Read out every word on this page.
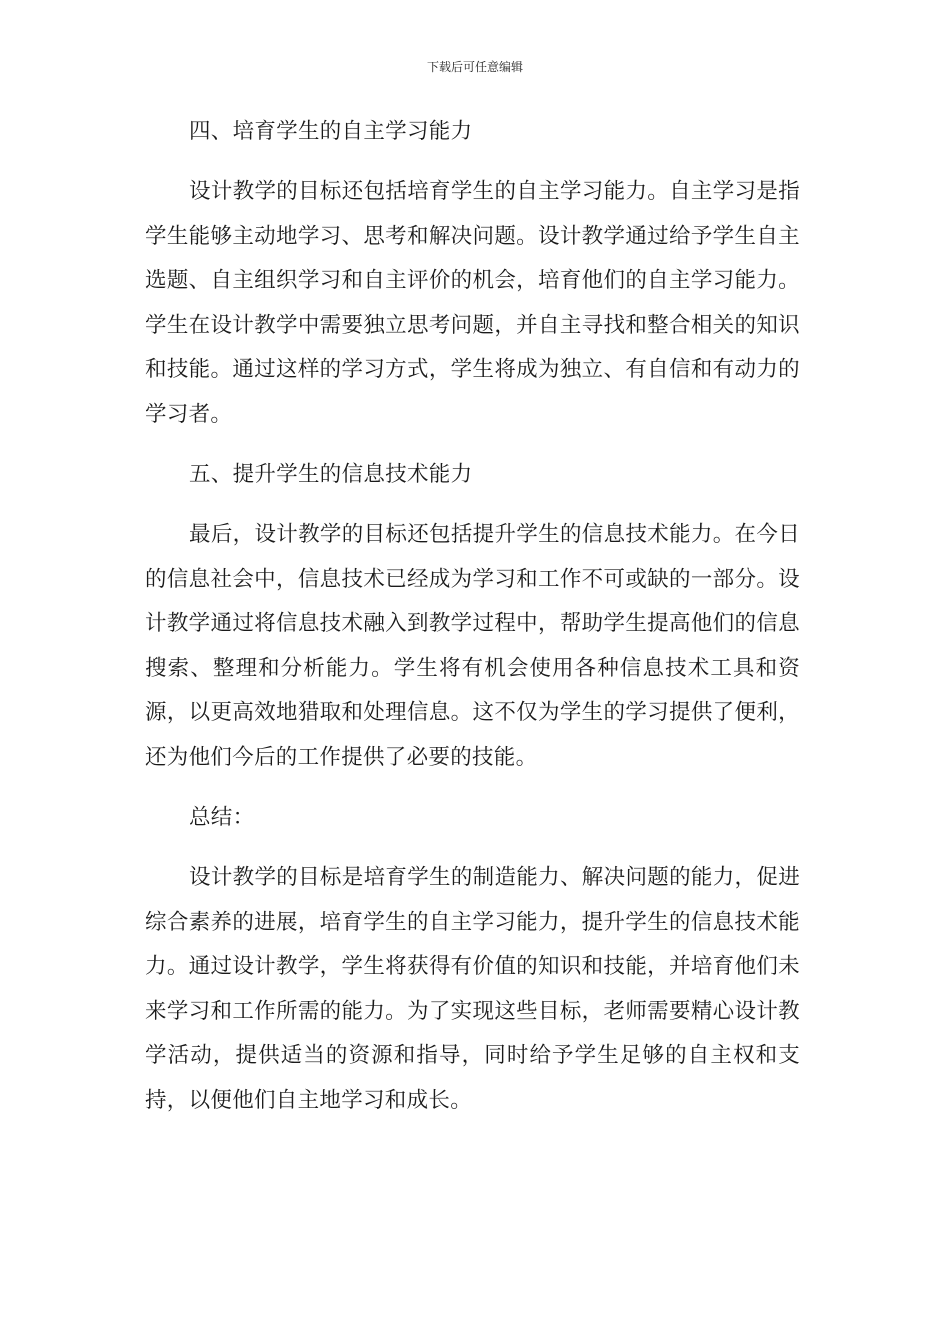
下载后可任意编辑

四、培育学生的自主学习能力

设计教学的目标还包括培育学生的自主学习能力。自主学习是指学生能够主动地学习、思考和解决问题。设计教学通过给予学生自主选题、自主组织学习和自主评价的机会，培育他们的自主学习能力。学生在设计教学中需要独立思考问题，并自主寻找和整合相关的知识和技能。通过这样的学习方式，学生将成为独立、有自信和有动力的学习者。

五、提升学生的信息技术能力

最后，设计教学的目标还包括提升学生的信息技术能力。在今日的信息社会中，信息技术已经成为学习和工作不可或缺的一部分。设计教学通过将信息技术融入到教学过程中，帮助学生提高他们的信息搜索、整理和分析能力。学生将有机会使用各种信息技术工具和资源，以更高效地猎取和处理信息。这不仅为学生的学习提供了便利，还为他们今后的工作提供了必要的技能。

总结：

设计教学的目标是培育学生的制造能力、解决问题的能力，促进综合素养的进展，培育学生的自主学习能力，提升学生的信息技术能力。通过设计教学，学生将获得有价值的知识和技能，并培育他们未来学习和工作所需的能力。为了实现这些目标，老师需要精心设计教学活动，提供适当的资源和指导，同时给予学生足够的自主权和支持，以便他们自主地学习和成长。
